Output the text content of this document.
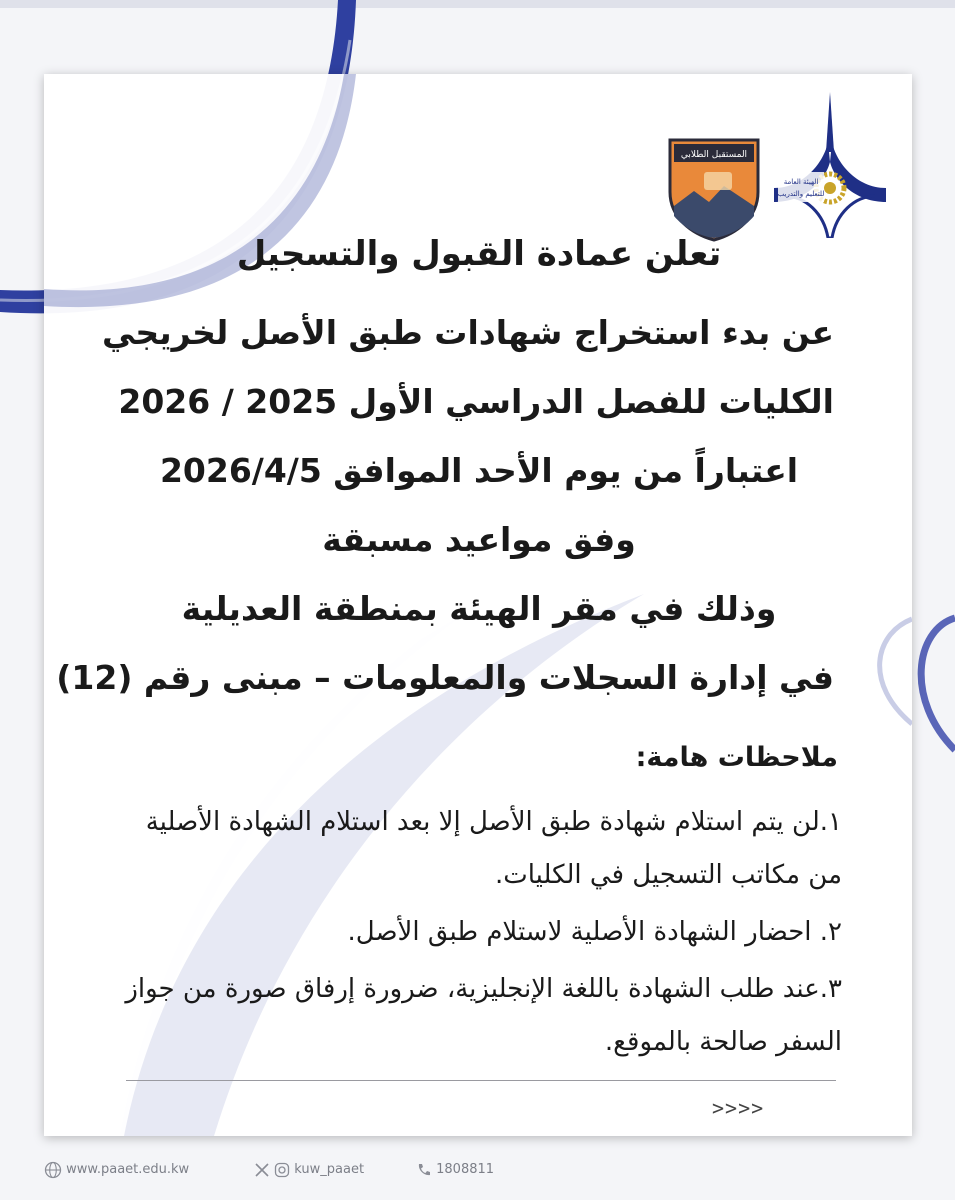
الهيئة العامة
للتعليم والتدريب
المستقبل الطلابي
تعلن عمادة القبول والتسجيل
عن بدء استخراج شهادات طبق الأصل لخريجي
الكليات للفصل الدراسي الأول 2025 / 2026
اعتباراً من يوم الأحد الموافق 2026/4/5
وفق مواعيد مسبقة
وذلك في مقر الهيئة بمنطقة العديلية
في إدارة السجلات والمعلومات – مبنى رقم (12)
ملاحظات هامة:
١.لن يتم استلام شهادة طبق الأصل إلا بعد استلام الشهادة الأصلية من مكاتب التسجيل في الكليات.
٢. احضار الشهادة الأصلية لاستلام طبق الأصل.
٣.عند طلب الشهادة باللغة الإنجليزية، ضرورة إرفاق صورة من جواز السفر صالحة بالموقع.
>>>>
www.paaet.edu.kw	kuw_paaet	1808811
